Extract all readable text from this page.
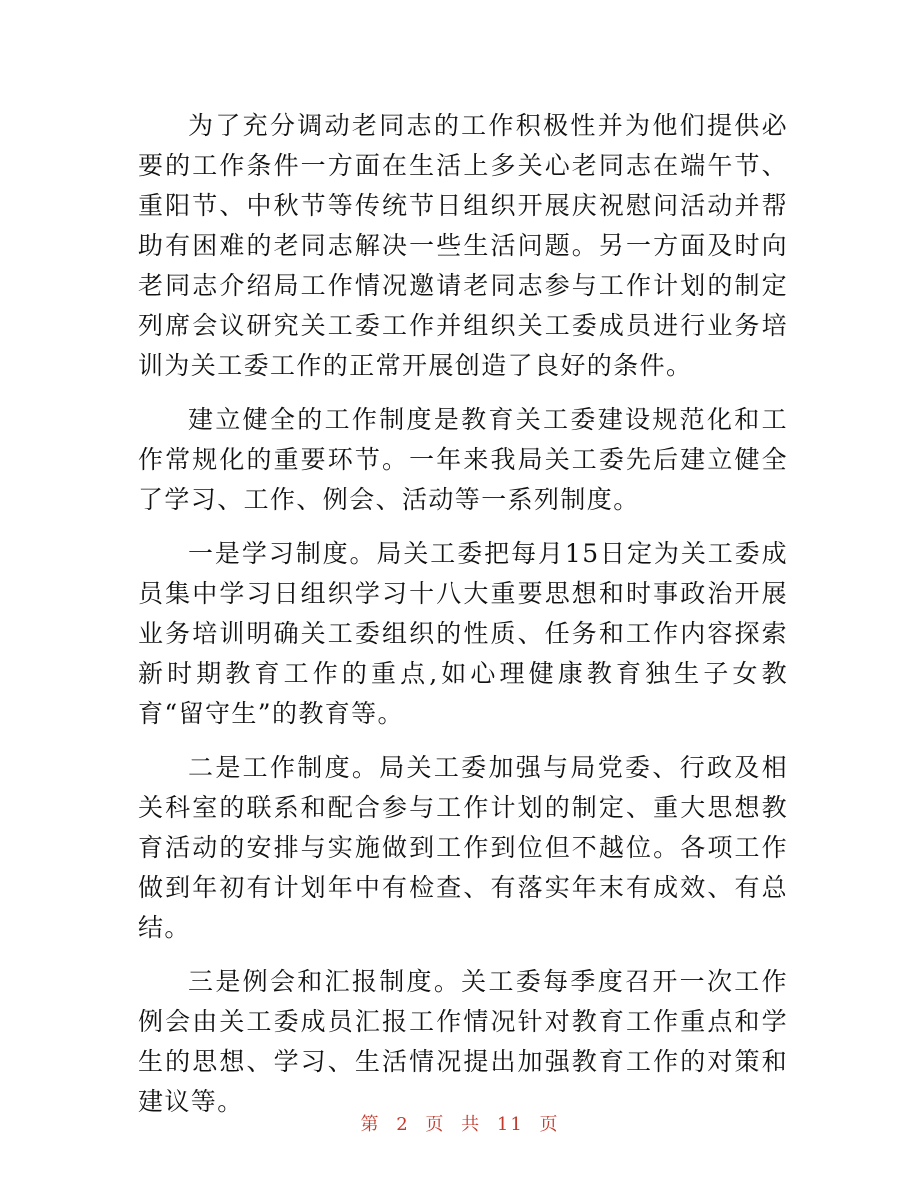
为了充分调动老同志的工作积极性并为他们提供必要的工作条件一方面在生活上多关心老同志在端午节、重阳节、中秋节等传统节日组织开展庆祝慰问活动并帮助有困难的老同志解决一些生活问题。另一方面及时向老同志介绍局工作情况邀请老同志参与工作计划的制定列席会议研究关工委工作并组织关工委成员进行业务培训为关工委工作的正常开展创造了良好的条件。

建立健全的工作制度是教育关工委建设规范化和工作常规化的重要环节。一年来我局关工委先后建立健全了学习、工作、例会、活动等一系列制度。

一是学习制度。局关工委把每月15日定为关工委成员集中学习日组织学习十八大重要思想和时事政治开展业务培训明确关工委组织的性质、任务和工作内容探索新时期教育工作的重点,如心理健康教育独生子女教育“留守生”的教育等。

二是工作制度。局关工委加强与局党委、行政及相关科室的联系和配合参与工作计划的制定、重大思想教育活动的安排与实施做到工作到位但不越位。各项工作做到年初有计划年中有检查、有落实年末有成效、有总结。

三是例会和汇报制度。关工委每季度召开一次工作例会由关工委成员汇报工作情况针对教育工作重点和学生的思想、学习、生活情况提出加强教育工作的对策和建议等。

第 2 页 共 11 页
